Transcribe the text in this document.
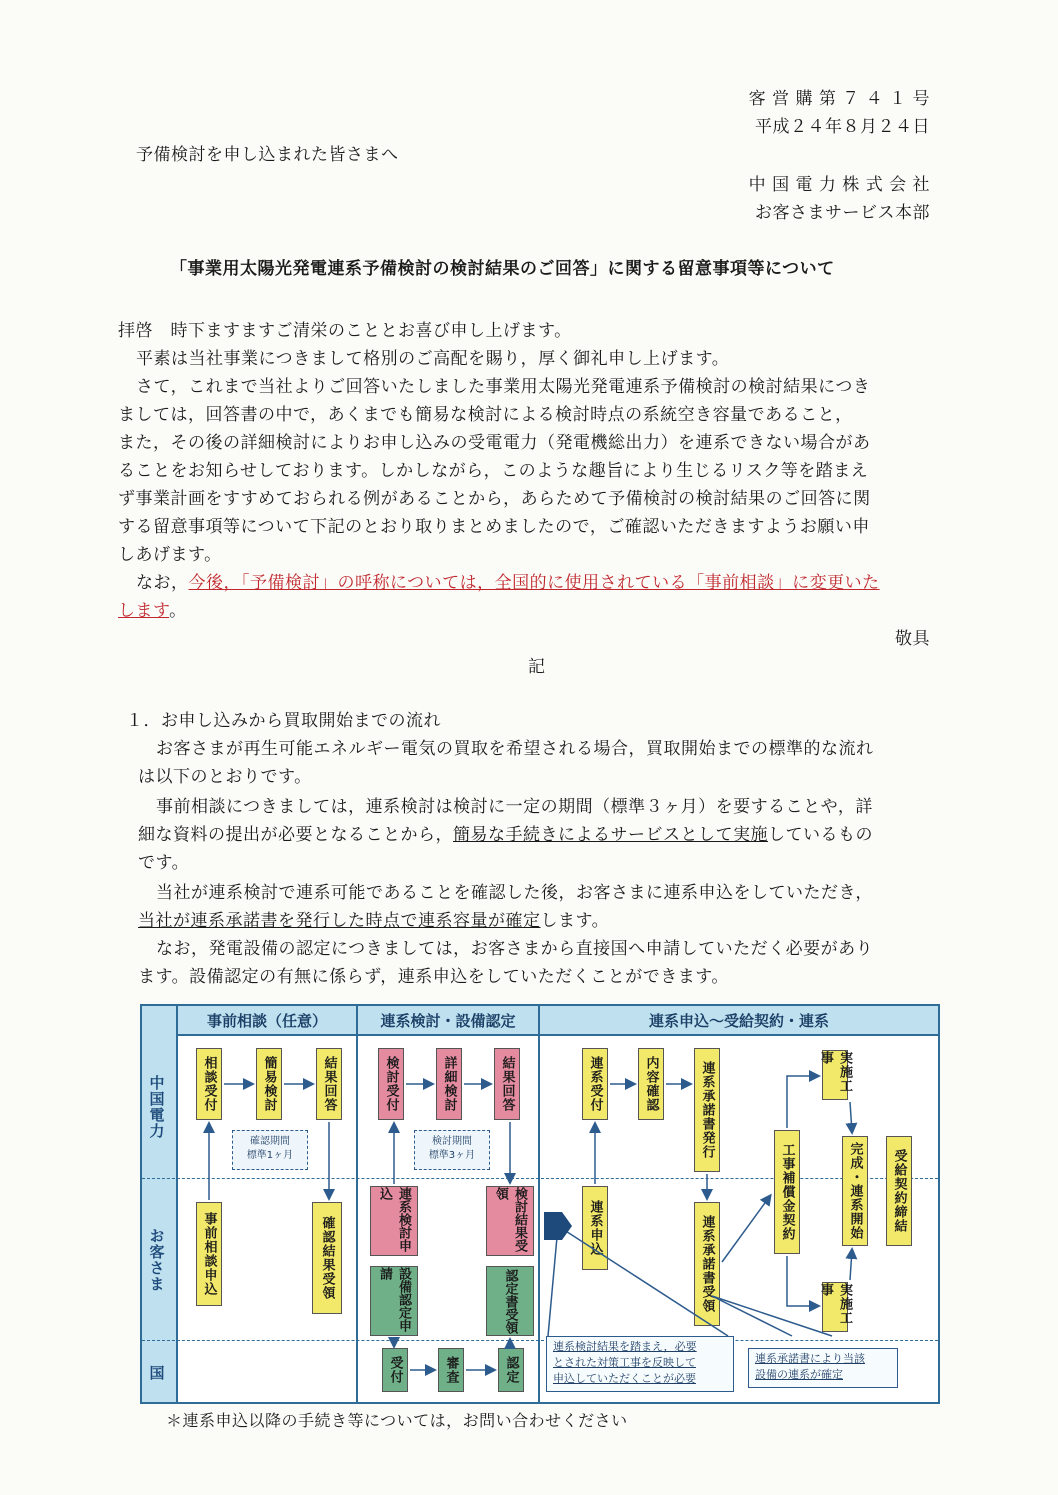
客 営 購 第 ７ ４ １ 号
平成２４年８月２４日
予備検討を申し込まれた皆さまへ
中 国 電 力 株 式 会 社
お客さまサービス本部
「事業用太陽光発電連系予備検討の検討結果のご回答」に関する留意事項等について
拝啓　時下ますますご清栄のこととお喜び申し上げます。
平素は当社事業につきまして格別のご高配を賜り，厚く御礼申し上げます。
さて，これまで当社よりご回答いたしました事業用太陽光発電連系予備検討の検討結果につき
ましては，回答書の中で，あくまでも簡易な検討による検討時点の系統空き容量であること，
また，その後の詳細検討によりお申し込みの受電電力（発電機総出力）を連系できない場合があ
ることをお知らせしております。しかしながら，このような趣旨により生じるリスク等を踏まえ
ず事業計画をすすめておられる例があることから，あらためて予備検討の検討結果のご回答に関
する留意事項等について下記のとおり取りまとめましたので，ご確認いただきますようお願い申
しあげます。
なお，今後，「予備検討」の呼称については，全国的に使用されている「事前相談」に変更いた
します。
敬具
記
１．お申し込みから買取開始までの流れ
お客さまが再生可能エネルギー電気の買取を希望される場合，買取開始までの標準的な流れ
は以下のとおりです。
事前相談につきましては，連系検討は検討に一定の期間（標準３ヶ月）を要することや，詳
細な資料の提出が必要となることから，簡易な手続きによるサービスとして実施しているもの
です。
当社が連系検討で連系可能であることを確認した後，お客さまに連系申込をしていただき，
当社が連系承諾書を発行した時点で連系容量が確定します。
なお，発電設備の認定につきましては，お客さまから直接国へ申請していただく必要があり
ます。設備認定の有無に係らず，連系申込をしていただくことができます。
事前相談（任意）	連系検討・設備認定	連系申込～受給契約・連系
中国電力
お客さま
国
相談受付	簡易検討	結果回答
事前相談申込	確認結果受領
確認期間
標準1ヶ月
検討受付	詳細検討	結果回答
検討期間
標準3ヶ月
連系検討申込	検討結果受領
設備認定申請	認定書受領
受付	審査	認定
連系受付	内容確認	連系承諾書発行
連系申込	連系承諾書受領
工事補償金契約
実施工事
完成・連系開始
実施工事
受給契約締結
連系検討結果を踏まえ，必要
とされた対策工事を反映して
申込していただくことが必要
連系承諾書により当該
設備の連系が確定
＊連系申込以降の手続き等については，お問い合わせください
